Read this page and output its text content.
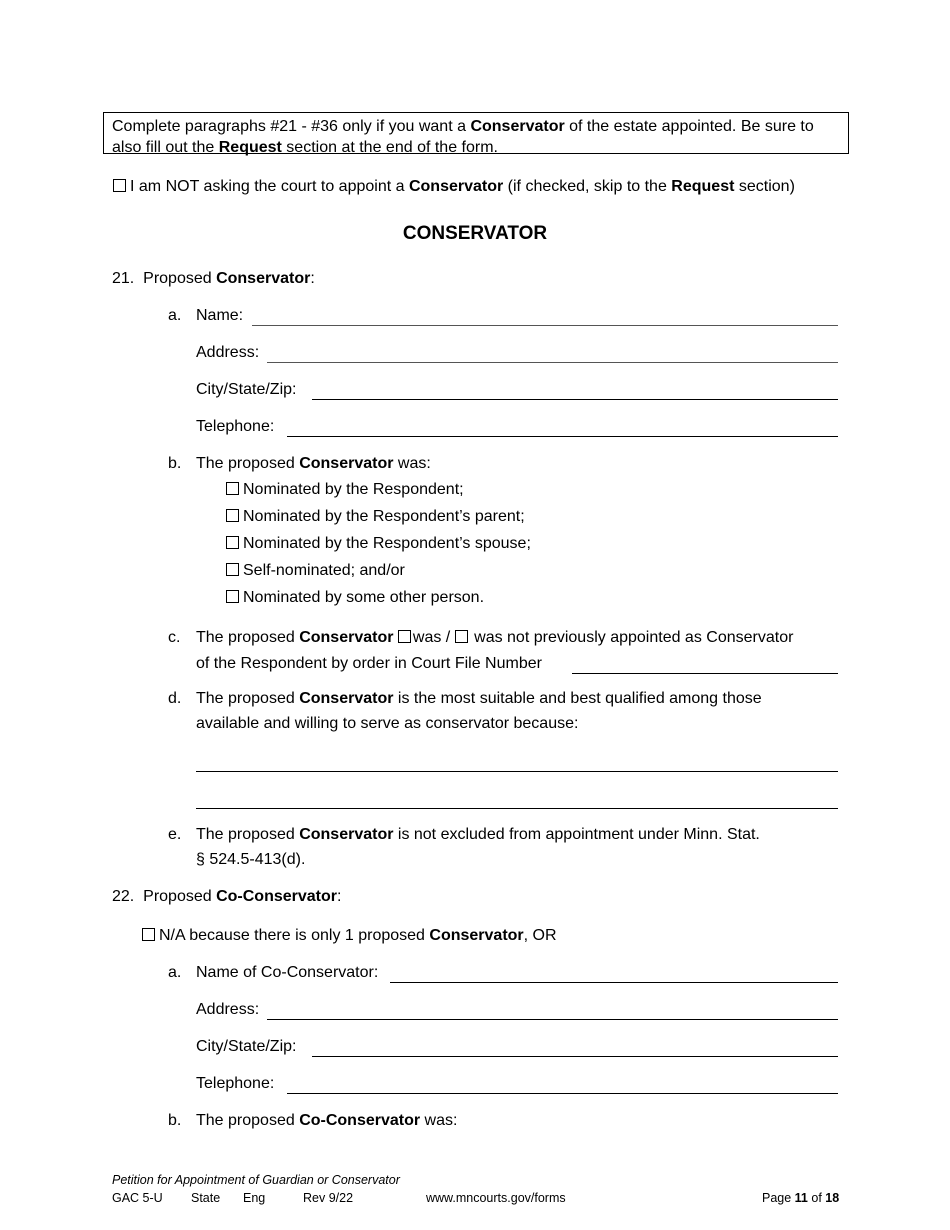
Complete paragraphs #21 - #36 only if you want a Conservator of the estate appointed. Be sure to also fill out the Request section at the end of the form.
I am NOT asking the court to appoint a Conservator (if checked, skip to the Request section)
CONSERVATOR
21. Proposed Conservator:
a. Name:
Address:
City/State/Zip:
Telephone:
b. The proposed Conservator was:
Nominated by the Respondent;
Nominated by the Respondent’s parent;
Nominated by the Respondent’s spouse;
Self-nominated; and/or
Nominated by some other person.
c. The proposed Conservator was /  was not previously appointed as Conservator
of the Respondent by order in Court File Number
d. The proposed Conservator is the most suitable and best qualified among those
available and willing to serve as conservator because:
e. The proposed Conservator is not excluded from appointment under Minn. Stat.
§ 524.5-413(d).
22. Proposed Co-Conservator:
N/A because there is only 1 proposed Conservator, OR
a. Name of Co-Conservator:
Address:
City/State/Zip:
Telephone:
b. The proposed Co-Conservator was:
Petition for Appointment of Guardian or Conservator
GAC 5-U State Eng	Rev 9/22	www.mncourts.gov/forms	Page 11 of 18
